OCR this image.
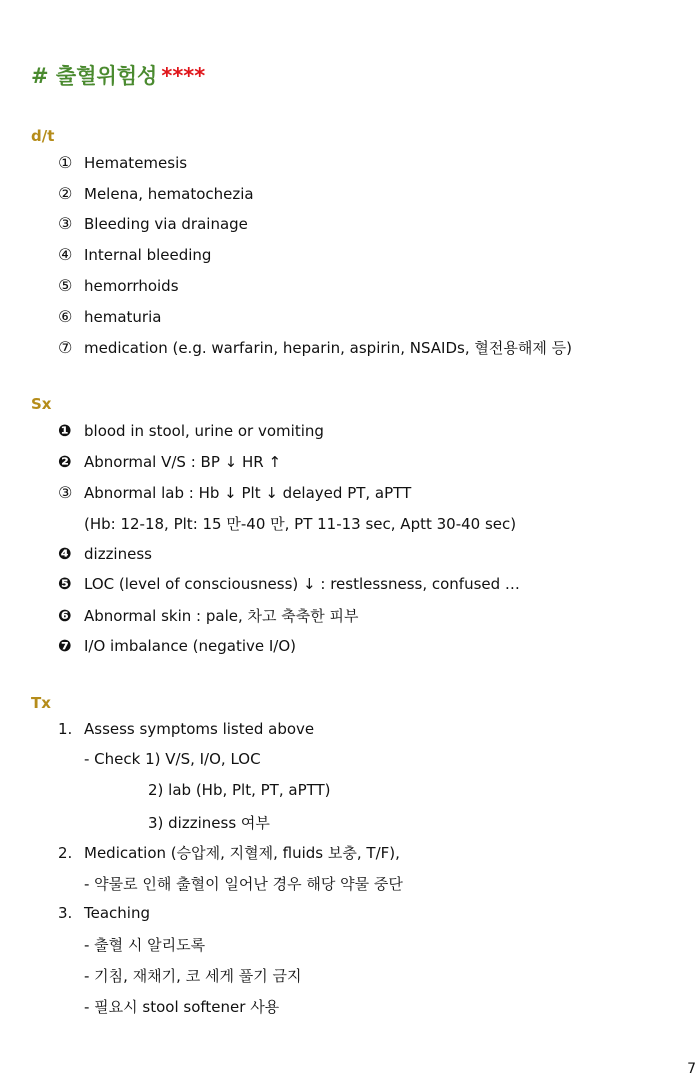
# 출혈위험성 ****
d/t
① Hematemesis
② Melena, hematochezia
③ Bleeding via drainage
④ Internal bleeding
⑤ hemorrhoids
⑥ hematuria
⑦ medication (e.g. warfarin, heparin, aspirin, NSAIDs, 혈전용해제 등)
Sx
❶ blood in stool, urine or vomiting
❷ Abnormal V/S : BP ↓ HR ↑
③ Abnormal lab : Hb ↓ Plt ↓ delayed PT, aPTT
(Hb: 12-18, Plt: 15 만-40 만, PT 11-13 sec, Aptt 30-40 sec)
❹ dizziness
❺ LOC (level of consciousness) ↓ : restlessness, confused …
❻ Abnormal skin : pale, 차고 축축한 피부
❼ I/O imbalance (negative I/O)
Tx
1. Assess symptoms listed above
- Check 1) V/S, I/O, LOC
2) lab (Hb, Plt, PT, aPTT)
3) dizziness 여부
2. Medication (승압제, 지혈제, fluids 보충, T/F),
- 약물로 인해 출혈이 일어난 경우 해당 약물 중단
3. Teaching
- 출혈 시 알리도록
- 기침, 재채기, 코 세게 풀기 금지
- 필요시 stool softener 사용
7
